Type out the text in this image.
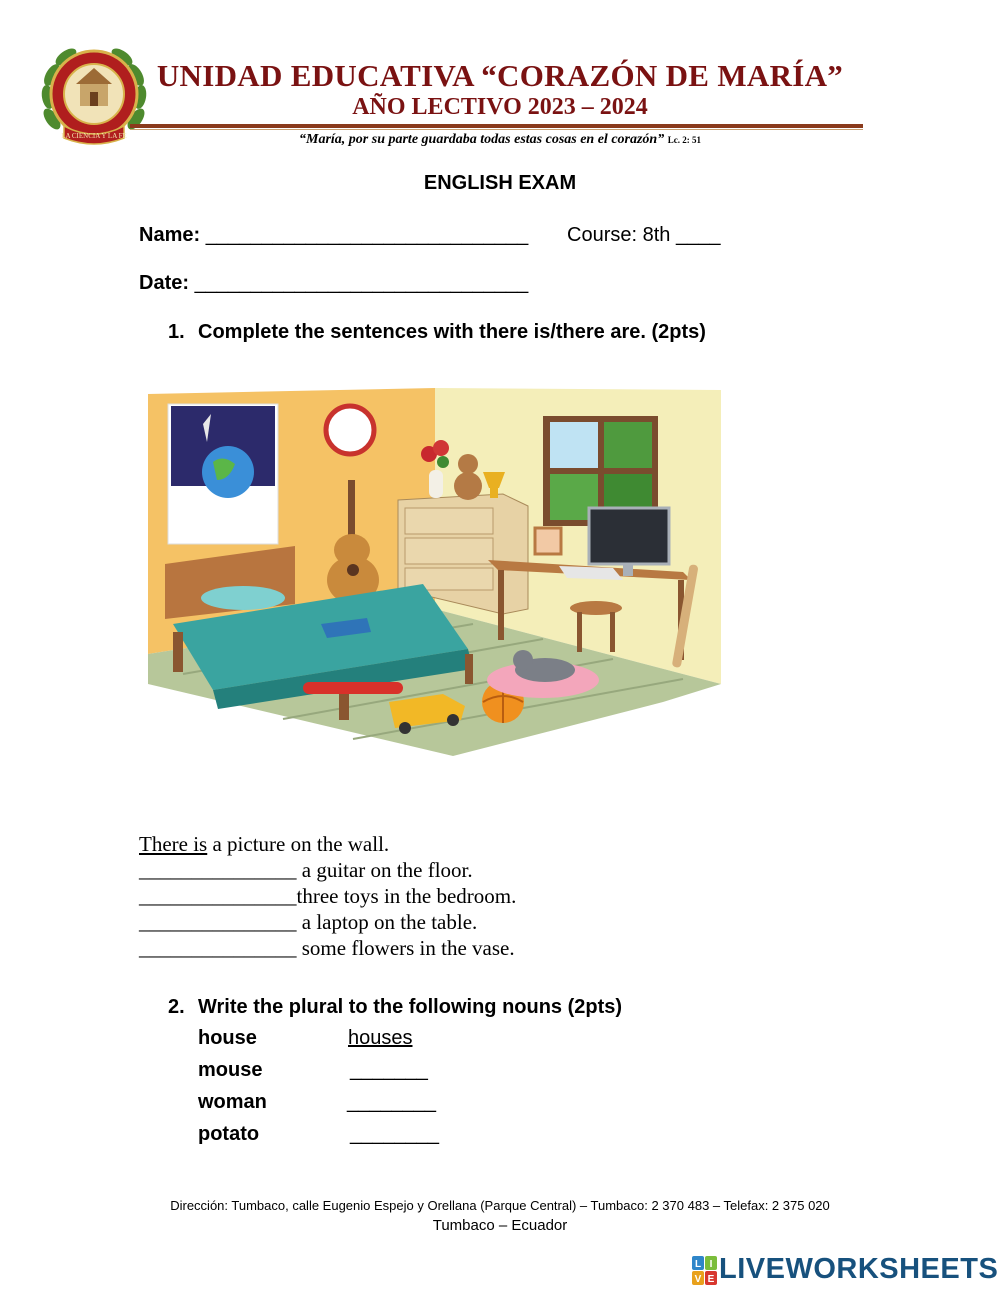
LA CIENCIA Y LA FE
UNIDAD EDUCATIVA “CORAZÓN DE MARÍA”
AÑO LECTIVO 2023 – 2024
“María, por su parte guardaba todas estas cosas en el corazón” Lc. 2: 51
ENGLISH EXAM
Name: _____________________________ Course: 8th ____
Date: ______________________________
1. Complete the sentences with there is/there are. (2pts)
There is a picture on the wall.
_______________ a guitar on the floor.
_______________three toys in the bedroom.
_______________ a laptop on the table.
_______________ some flowers in the vase.
2. Write the plural to the following nouns (2pts)
house	houses
mouse	_______
woman	________
potato	________
Dirección: Tumbaco, calle Eugenio Espejo y Orellana (Parque Central) – Tumbaco: 2 370 483 – Telefax: 2 375 020
Tumbaco – Ecuador
L I
V E LIVEWORKSHEETS
